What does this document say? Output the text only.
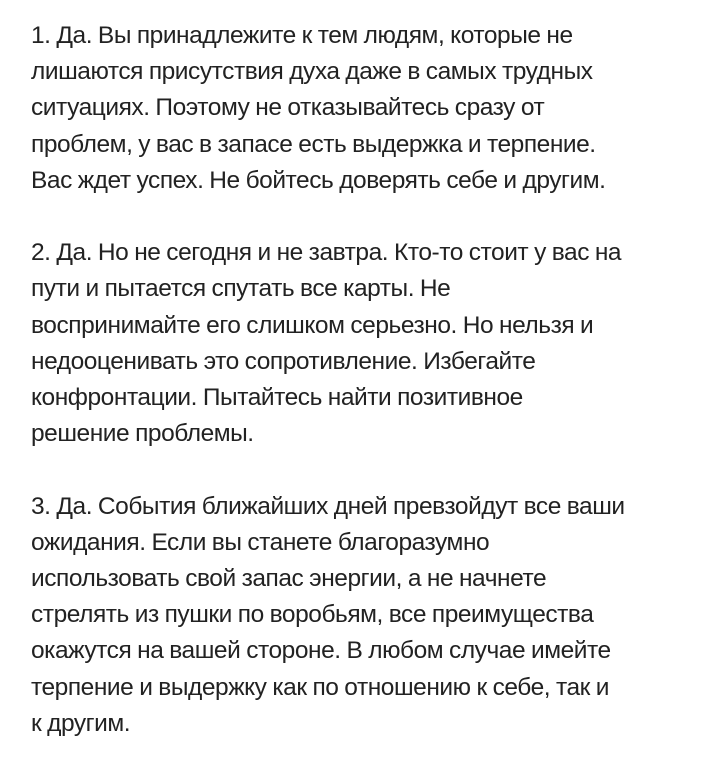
1. Да. Вы принадлежите к тем людям, которые не
лишаются присутствия духа даже в самых трудных
ситуациях. Поэтому не отказывайтесь сразу от
проблем, у вас в запасе есть выдержка и терпение.
Вас ждет успех. Не бойтесь доверять себе и другим.

2. Да. Но не сегодня и не завтра. Кто-то стоит у вас на
пути и пытается спутать все карты. Не
воспринимайте его слишком серьезно. Но нельзя и
недооценивать это сопротивление. Избегайте
конфронтации. Пытайтесь найти позитивное
решение проблемы.

3. Да. События ближайших дней превзойдут все ваши
ожидания. Если вы станете благоразумно
использовать свой запас энергии, а не начнете
стрелять из пушки по воробьям, все преимущества
окажутся на вашей стороне. В любом случае имейте
терпение и выдержку как по отношению к себе, так и
к другим.
